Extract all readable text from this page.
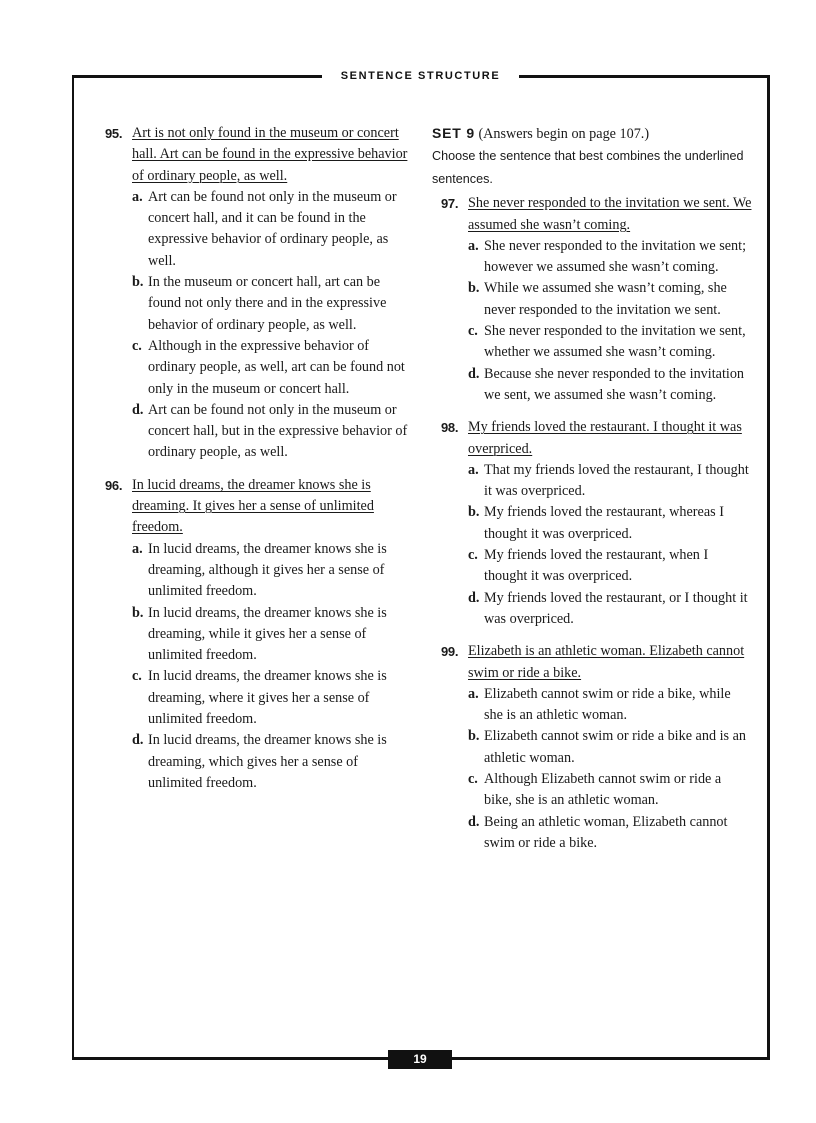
SENTENCE STRUCTURE
19
95. Art is not only found in the museum or concert hall. Art can be found in the expressive behavior of ordinary people, as well.
a. Art can be found not only in the museum or concert hall, and it can be found in the expressive behavior of ordinary people, as well.
b. In the museum or concert hall, art can be found not only there and in the expressive behavior of ordinary people, as well.
c. Although in the expressive behavior of ordinary people, as well, art can be found not only in the museum or concert hall.
d. Art can be found not only in the museum or concert hall, but in the expressive behavior of ordinary people, as well.
96. In lucid dreams, the dreamer knows she is dreaming. It gives her a sense of unlimited freedom.
a. In lucid dreams, the dreamer knows she is dreaming, although it gives her a sense of unlimited freedom.
b. In lucid dreams, the dreamer knows she is dreaming, while it gives her a sense of unlimited freedom.
c. In lucid dreams, the dreamer knows she is dreaming, where it gives her a sense of unlimited freedom.
d. In lucid dreams, the dreamer knows she is dreaming, which gives her a sense of unlimited freedom.
SET 9 (Answers begin on page 107.)
Choose the sentence that best combines the underlined sentences.
97. She never responded to the invitation we sent. We assumed she wasn’t coming.
a. She never responded to the invitation we sent; however we assumed she wasn’t coming.
b. While we assumed she wasn’t coming, she never responded to the invitation we sent.
c. She never responded to the invitation we sent, whether we assumed she wasn’t coming.
d. Because she never responded to the invitation we sent, we assumed she wasn’t coming.
98. My friends loved the restaurant. I thought it was overpriced.
a. That my friends loved the restaurant, I thought it was overpriced.
b. My friends loved the restaurant, whereas I thought it was overpriced.
c. My friends loved the restaurant, when I thought it was overpriced.
d. My friends loved the restaurant, or I thought it was overpriced.
99. Elizabeth is an athletic woman. Elizabeth cannot swim or ride a bike.
a. Elizabeth cannot swim or ride a bike, while she is an athletic woman.
b. Elizabeth cannot swim or ride a bike and is an athletic woman.
c. Although Elizabeth cannot swim or ride a bike, she is an athletic woman.
d. Being an athletic woman, Elizabeth cannot swim or ride a bike.
